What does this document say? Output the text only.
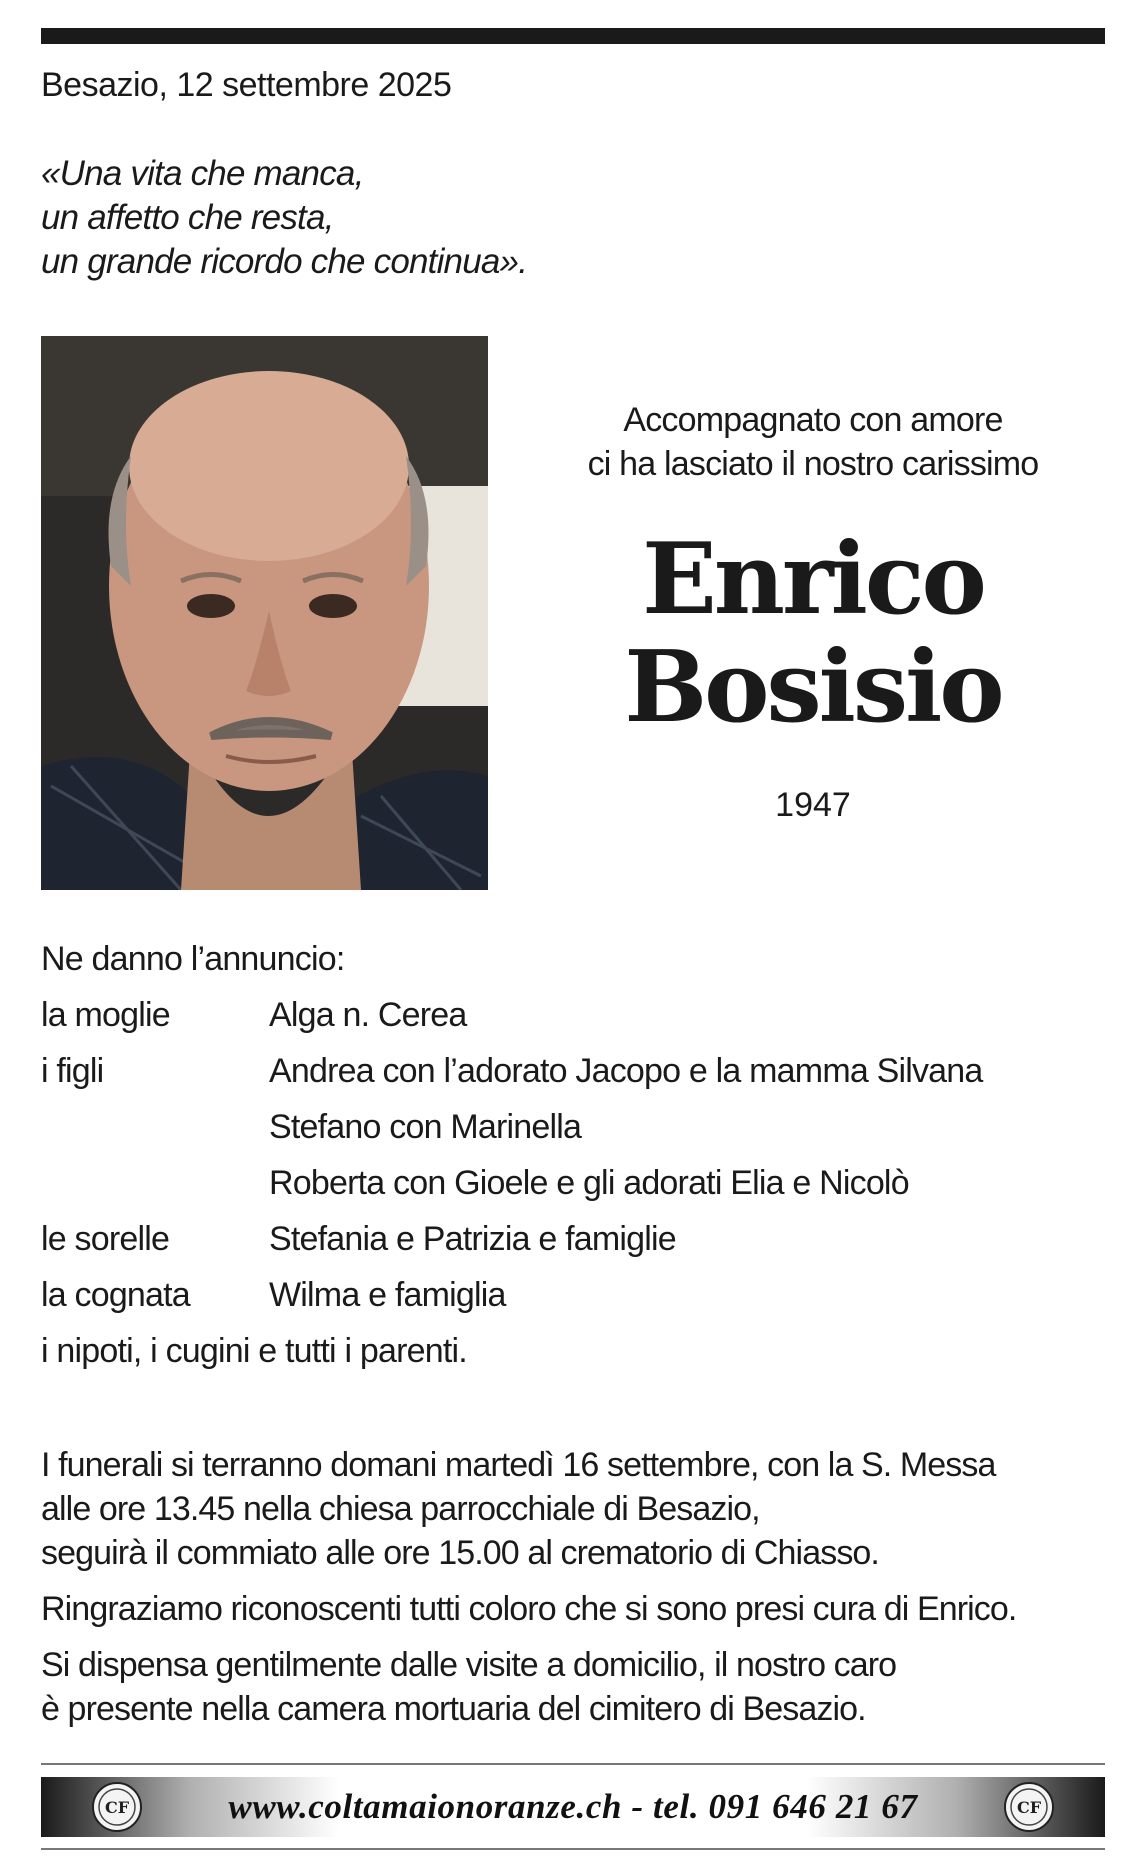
Besazio, 12 settembre 2025
«Una vita che manca,
un affetto che resta,
un grande ricordo che continua».
Accompagnato con amore
ci ha lasciato il nostro carissimo
Enrico
Bosisio
1947
Ne danno l’annuncio:
la moglie	Alga n. Cerea
i figli	Andrea con l’adorato Jacopo e la mamma Silvana
Stefano con Marinella
Roberta con Gioele e gli adorati Elia e Nicolò
le sorelle	Stefania e Patrizia e famiglie
la cognata	Wilma e famiglia
i nipoti, i cugini e tutti i parenti.

I funerali si terranno domani martedì 16 settembre, con la S. Messa
alle ore 13.45 nella chiesa parrocchiale di Besazio,
seguirà il commiato alle ore 15.00 al crematorio di Chiasso.

Ringraziamo riconoscenti tutti coloro che si sono presi cura di Enrico.

Si dispensa gentilmente dalle visite a domicilio, il nostro caro
è presente nella camera mortuaria del cimitero di Besazio.

CF	www.coltamaionoranze.ch - tel. 091 646 21 67	CF
